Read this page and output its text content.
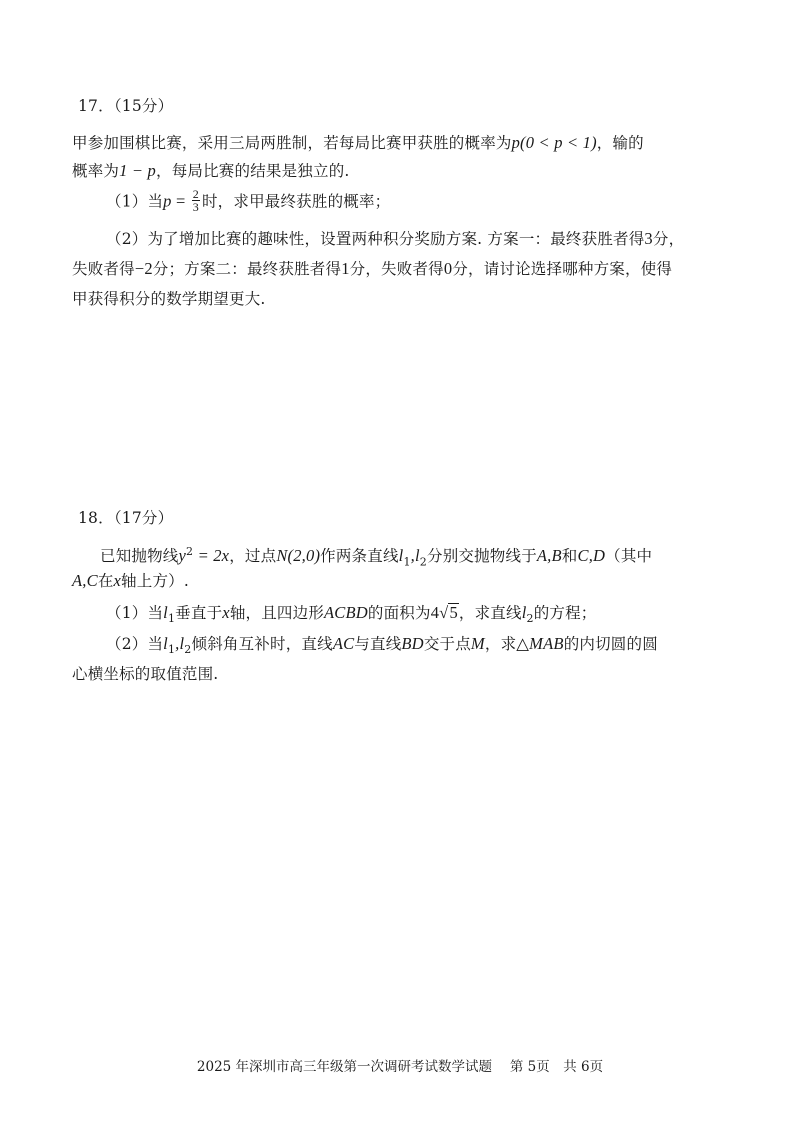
17．（15分）
甲参加围棋比赛，采用三局两胜制，若每局比赛甲获胜的概率为p(0 < p < 1)，输的
概率为1 − p，每局比赛的结果是独立的.
（1）当$p = \frac{2}{3}$ 时，求甲最终获胜的概率；
（2）为了增加比赛的趣味性，设置两种积分奖励方案. 方案一：最终获胜者得3分，
失败者得−2分；方案二：最终获胜者得1分，失败者得0分，请讨论选择哪种方案，使得
甲获得积分的数学期望更大.
18．（17分）
已知抛物线$y^2 = 2x$，过点N(2,0)作两条直线$l_1,l_2$分别交抛物线于A,B和C,D（其中
A,C在x轴上方）.
（1）当$l_1$垂直于x轴，且四边形ACBD的面积为4√5，求直线$l_2$的方程；
（2）当$l_1,l_2$倾斜角互补时，直线AC与直线BD交于点M，求△MAB的内切圆的圆
心横坐标的取值范围.
2025 年深圳市高三年级第一次调研考试数学试题　 第 5页　共 6页
